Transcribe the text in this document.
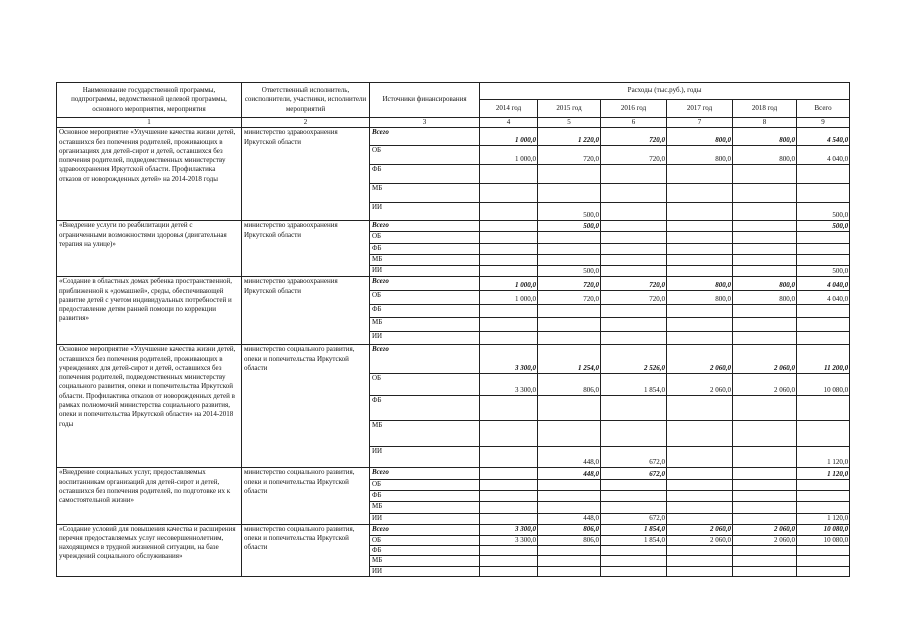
Наименование государственной программы, подпрограммы, ведомственной целевой программы, основного мероприятия, мероприятия	Ответственный исполнитель, соисполнители, участники, исполнители мероприятий	Источники финансирования	Расходы (тыс.руб.), годы					
			2014 год	2015 год	2016 год	2017 год	2018 год	Всего
1	2	3	4	5	6	7	8	9
Основное мероприятие «Улучшение качества жизни детей, оставшихся без попечения родителей, проживающих в организациях для детей-сирот и детей, оставшихся без попечения родителей, подведомственных министерству здравоохранения Иркутской области. Профилактика отказов от новорожденных детей» на 2014-2018 годы	министерство здравоохранения Иркутской области	Всего	1 000,0	1 220,0	720,0	800,0	800,0	4 540,0
		ОБ	1 000,0	720,0	720,0	800,0	800,0	4 040,0
		ФБ						
		МБ						
		ИИ		500,0				500,0
«Внедрение услуги по реабилитации детей с ограниченными возможностями здоровья (двигательная терапия на улице)»	министерство здравоохранения Иркутской области	Всего		500,0				500,0
		ОБ						
		ФБ						
		МБ						
		ИИ		500,0				500,0
«Создание в областных домах ребенка пространственной, приближенной к «домашней», среды, обеспечивающей развитие детей с учетом индивидуальных потребностей и предоставление детям ранней помощи по коррекции развития»	министерство здравоохранения Иркутской области	Всего	1 000,0	720,0	720,0	800,0	800,0	4 040,0
		ОБ	1 000,0	720,0	720,0	800,0	800,0	4 040,0
		ФБ						
		МБ						
		ИИ						
Основное мероприятие «Улучшение качества жизни детей, оставшихся без попечения родителей, проживающих в учреждениях для детей-сирот и детей, оставшихся без попечения родителей, подведомственных министерству социального развития, опеки и попечительства Иркутской области. Профилактика отказов от новорожденных детей в рамках полномочий министерства социального развития, опеки и попечительства Иркутской области» на 2014-2018 годы	министерство социального развития, опеки и попечительства Иркутской области	Всего	3 300,0	1 254,0	2 526,0	2 060,0	2 060,0	11 200,0
		ОБ	3 300,0	806,0	1 854,0	2 060,0	2 060,0	10 080,0
		ФБ						
		МБ						
		ИИ		448,0	672,0			1 120,0
«Внедрение социальных услуг, предоставляемых воспитанникам организаций для детей-сирот и детей, оставшихся без попечения родителей, по подготовке их к самостоятельной жизни»	министерство социального развития, опеки и попечительства Иркутской области	Всего		448,0	672,0			1 120,0
		ОБ						
		ФБ						
		МБ						
		ИИ		448,0	672,0			1 120,0
«Создание условий для повышения качества и расширения перечня предоставляемых услуг несовершеннолетним, находящимся в трудной жизненной ситуации, на базе учреждений социального обслуживания»	министерство социального развития, опеки и попечительства Иркутской области	Всего	3 300,0	806,0	1 854,0	2 060,0	2 060,0	10 080,0
		ОБ	3 300,0	806,0	1 854,0	2 060,0	2 060,0	10 080,0
		ФБ						
		МБ						
		ИИ						
